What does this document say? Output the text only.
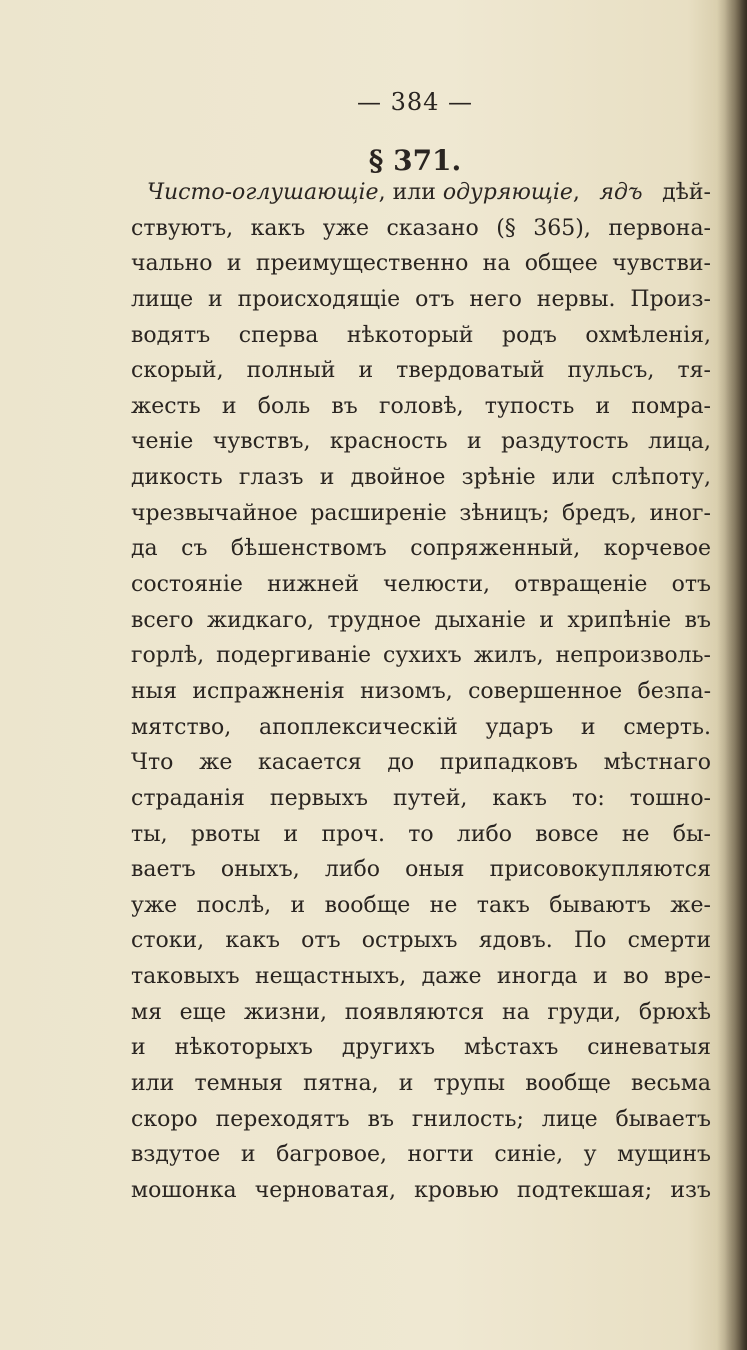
— 384 —
§ 371.
Чисто-оглушающіе, или одуряющіе, ядъ дѣй-
ствуютъ, какъ уже сказано (§ 365), первона-
чально и преимущественно на общее чувстви-
лище и происходящіе отъ него нервы. Произ-
водятъ сперва нѣкоторый родъ охмѣленія,
скорый, полный и твердоватый пульсъ, тя-
жесть и боль въ головѣ, тупость и помра-
ченіе чувствъ, красность и раздутость лица,
дикость глазъ и двойное зрѣніе или слѣпоту,
чрезвычайное расширеніе зѣницъ; бредъ, иног-
да съ бѣшенствомъ сопряженный, корчевое
состояніе нижней челюсти, отвращеніе отъ
всего жидкаго, трудное дыханіе и хрипѣніе въ
горлѣ, подергиваніе сухихъ жилъ, непроизволь-
ныя испражненія низомъ, совершенное безпа-
мятство, апоплексическій ударъ и смерть.
Что же касается до припадковъ мѣстнаго
страданія первыхъ путей, какъ то: тошно-
ты, рвоты и проч. то либо вовсе не бы-
ваетъ оныхъ, либо оныя присовокупляются
уже послѣ, и вообще не такъ бываютъ же-
стоки, какъ отъ острыхъ ядовъ. По смерти
таковыхъ нещастныхъ, даже иногда и во вре-
мя еще жизни, появляются на груди, брюхѣ
и нѣкоторыхъ другихъ мѣстахъ синеватыя
или темныя пятна, и трупы вообще весьма
скоро переходятъ въ гнилость; лице бываетъ
вздутое и багровое, ногти синіе, у мущинъ
мошонка черноватая, кровью подтекшая; изъ
